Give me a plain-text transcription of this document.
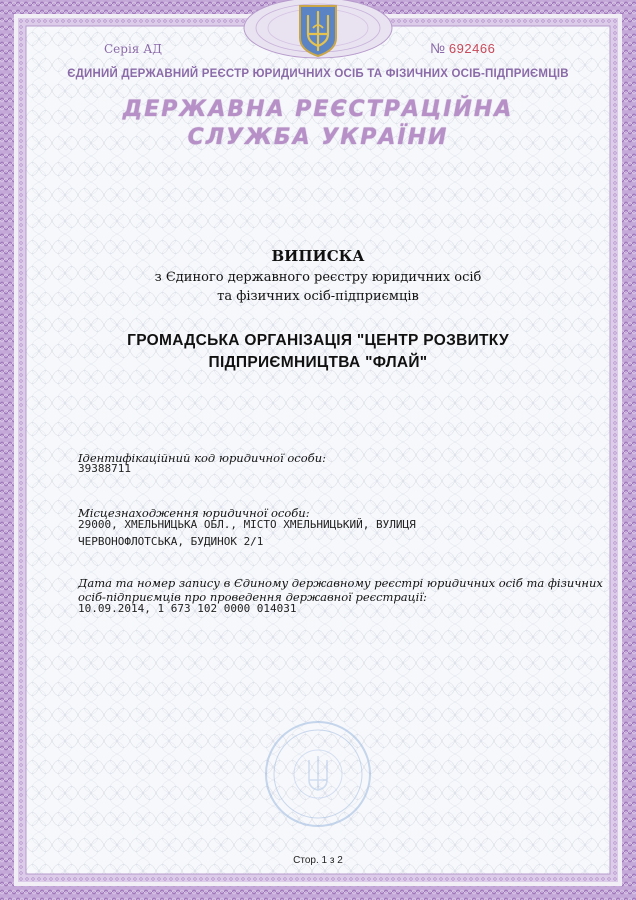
Серія АД	№ 692466
ЄДИНИЙ ДЕРЖАВНИЙ РЕЄСТР ЮРИДИЧНИХ ОСІБ ТА ФІЗИЧНИХ ОСІБ-ПІДПРИЄМЦІВ
ДЕРЖАВНА РЕЄСТРАЦІЙНА
СЛУЖБА УКРАЇНИ
ВИПИСКА
з Єдиного державного реєстру юридичних осіб
та фізичних осіб-підприємців
ГРОМАДСЬКА ОРГАНІЗАЦІЯ "ЦЕНТР РОЗВИТКУ
ПІДПРИЄМНИЦТВА "ФЛАЙ"
Ідентифікаційний код юридичної особи:
39388711
Місцезнаходження юридичної особи:
29000, ХМЕЛЬНИЦЬКА ОБЛ., МІСТО ХМЕЛЬНИЦЬКИЙ, ВУЛИЦЯ
ЧЕРВОНОФЛОТСЬКА, БУДИНОК 2/1
Дата та номер запису в Єдиному державному реєстрі юридичних осіб та фізичних
осіб-підприємців про проведення державної реєстрації:
10.09.2014, 1 673 102 0000 014031
Стор. 1 з 2
